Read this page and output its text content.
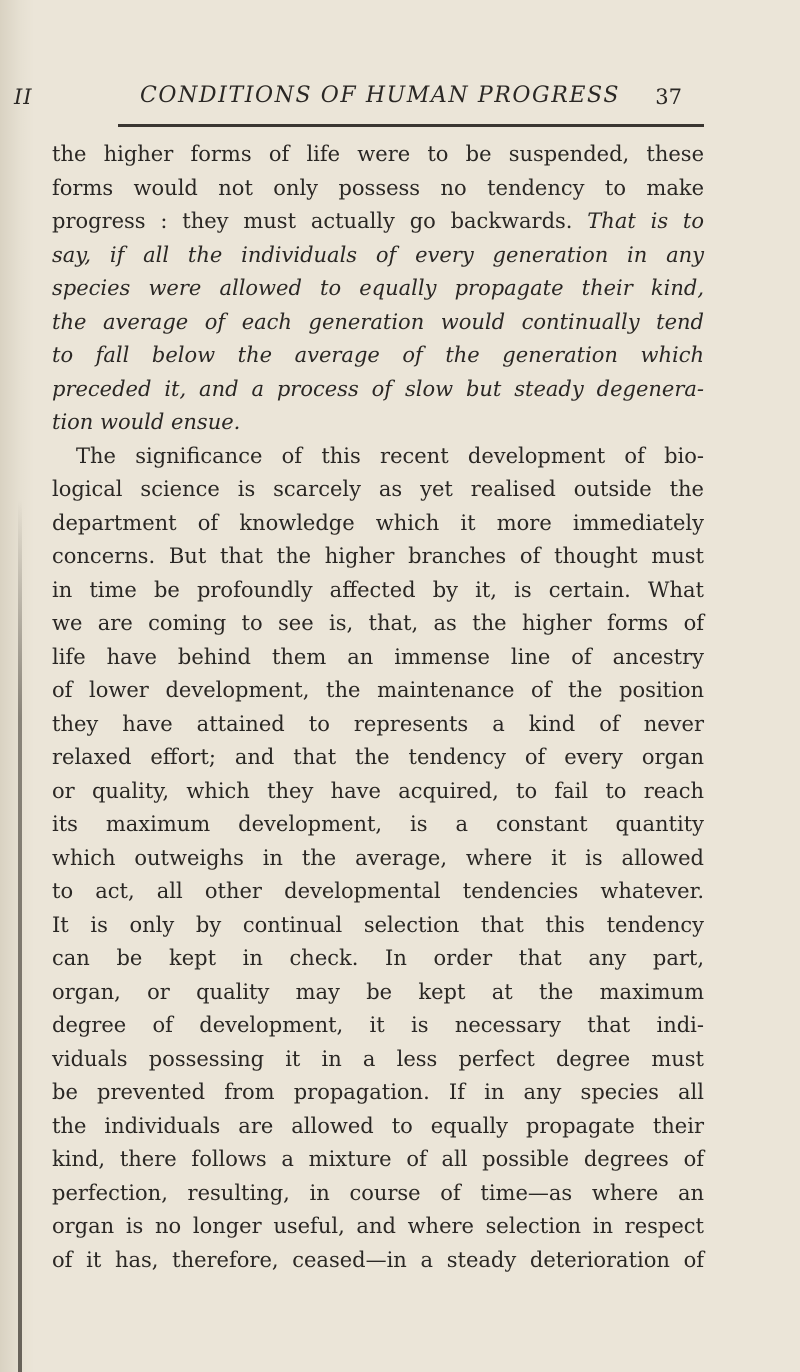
II	CONDITIONS OF HUMAN PROGRESS 37
the higher forms of life were to be suspended, these
forms would not only possess no tendency to make
progress : they must actually go backwards. That is to
say, if all the individuals of every generation in any
species were allowed to equally propagate their kind,
the average of each generation would continually tend
to fall below the average of the generation which
preceded it, and a process of slow but steady degenera-
tion would ensue.
The significance of this recent development of bio-
logical science is scarcely as yet realised outside the
department of knowledge which it more immediately
concerns. But that the higher branches of thought must
in time be profoundly affected by it, is certain. What
we are coming to see is, that, as the higher forms of
life have behind them an immense line of ancestry
of lower development, the maintenance of the position
they have attained to represents a kind of never
relaxed effort; and that the tendency of every organ
or quality, which they have acquired, to fail to reach
its maximum development, is a constant quantity
which outweighs in the average, where it is allowed
to act, all other developmental tendencies whatever.
It is only by continual selection that this tendency
can be kept in check. In order that any part,
organ, or quality may be kept at the maximum
degree of development, it is necessary that indi-
viduals possessing it in a less perfect degree must
be prevented from propagation. If in any species all
the individuals are allowed to equally propagate their
kind, there follows a mixture of all possible degrees of
perfection, resulting, in course of time—as where an
organ is no longer useful, and where selection in respect
of it has, therefore, ceased—in a steady deterioration of
